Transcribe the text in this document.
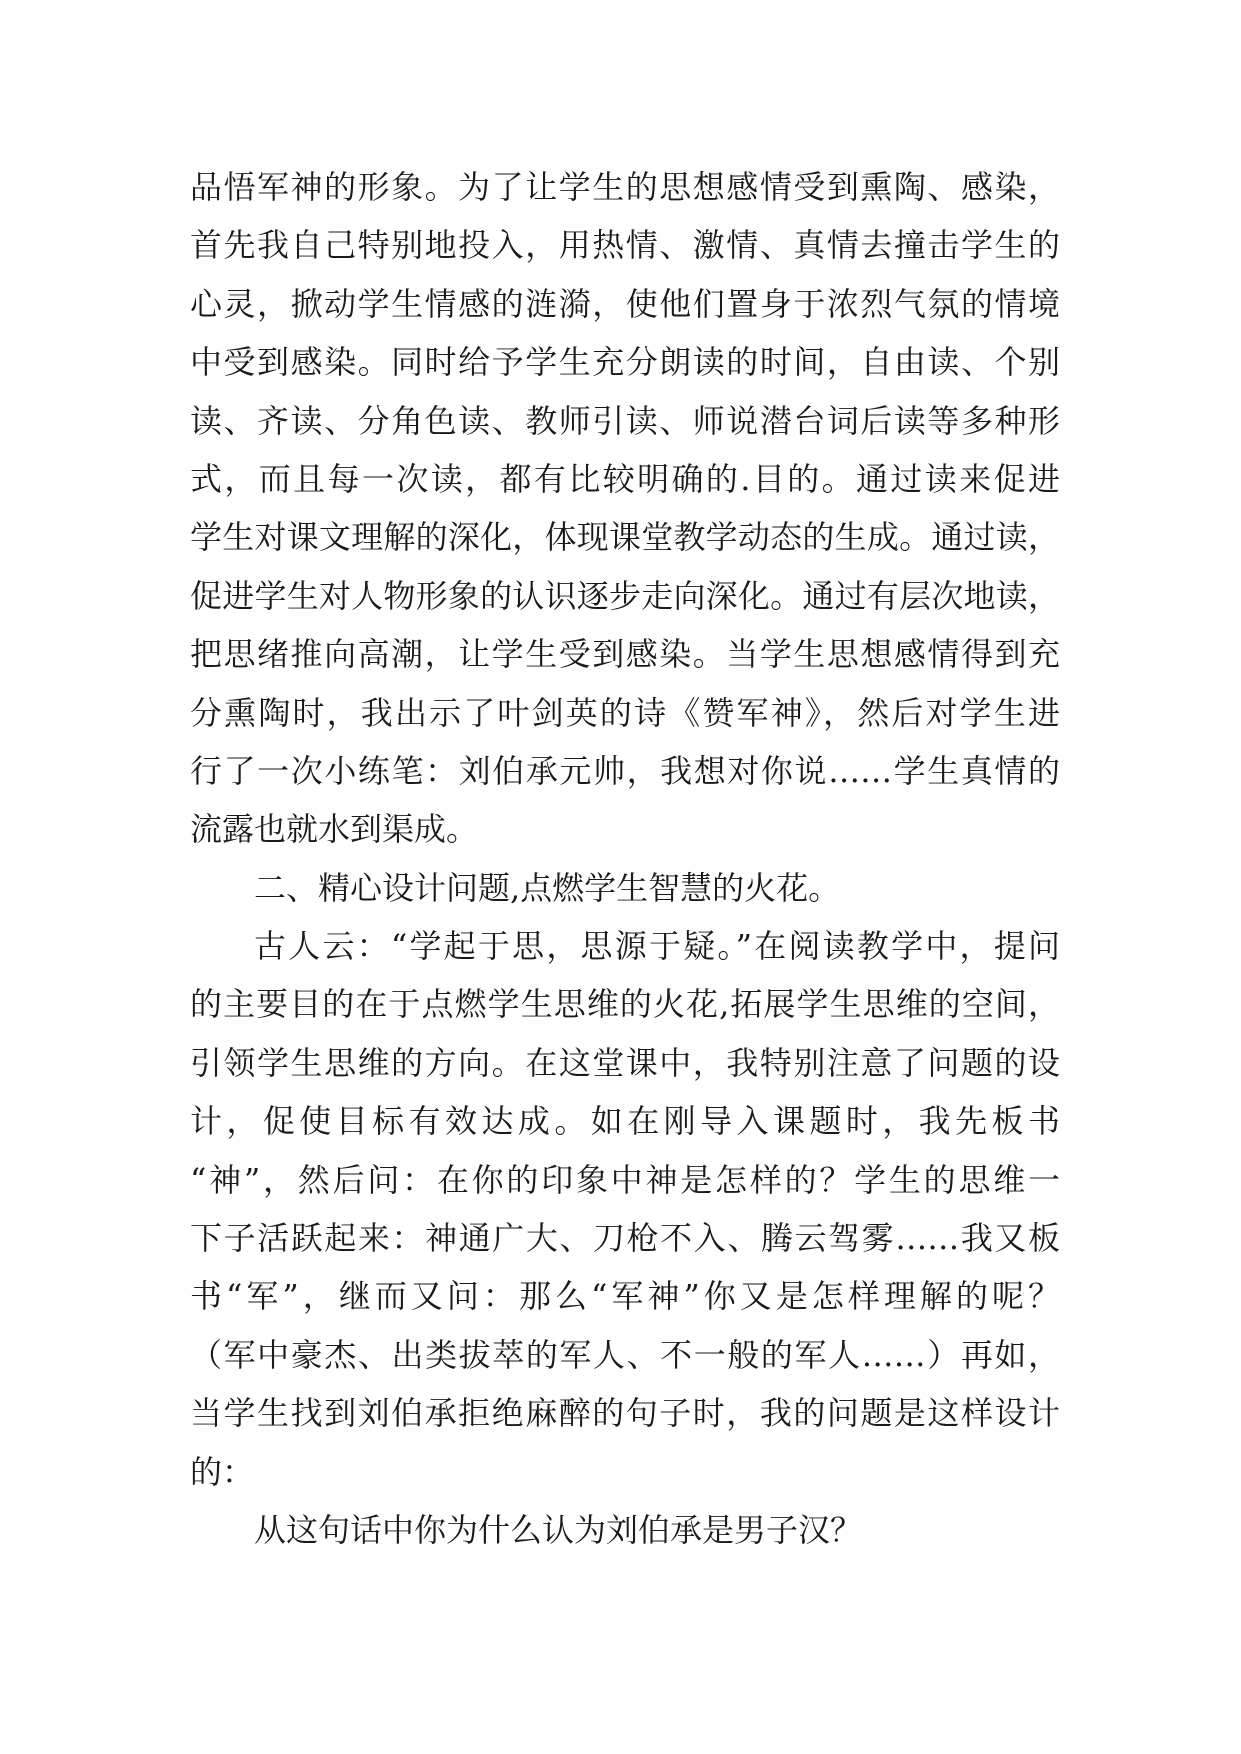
品悟军神的形象。为了让学生的思想感情受到熏陶、感染，
首先我自己特别地投入，用热情、激情、真情去撞击学生的
心灵，掀动学生情感的涟漪，使他们置身于浓烈气氛的情境
中受到感染。同时给予学生充分朗读的时间，自由读、个别
读、齐读、分角色读、教师引读、师说潜台词后读等多种形
式，而且每一次读，都有比较明确的.目的。通过读来促进
学生对课文理解的深化，体现课堂教学动态的生成。通过读，
促进学生对人物形象的认识逐步走向深化。通过有层次地读，
把思绪推向高潮，让学生受到感染。当学生思想感情得到充
分熏陶时，我出示了叶剑英的诗《赞军神》，然后对学生进
行了一次小练笔：刘伯承元帅，我想对你说……学生真情的
流露也就水到渠成。
二、精心设计问题,点燃学生智慧的火花。
古人云：“学起于思，思源于疑。”在阅读教学中，提问
的主要目的在于点燃学生思维的火花,拓展学生思维的空间，
引领学生思维的方向。在这堂课中，我特别注意了问题的设
计，促使目标有效达成。如在刚导入课题时，我先板书
“神”，然后问：在你的印象中神是怎样的？学生的思维一
下子活跃起来：神通广大、刀枪不入、腾云驾雾……我又板
书“军”，继而又问：那么“军神”你又是怎样理解的呢？
（军中豪杰、出类拔萃的军人、不一般的军人……）再如，
当学生找到刘伯承拒绝麻醉的句子时，我的问题是这样设计
的：
从这句话中你为什么认为刘伯承是男子汉？
